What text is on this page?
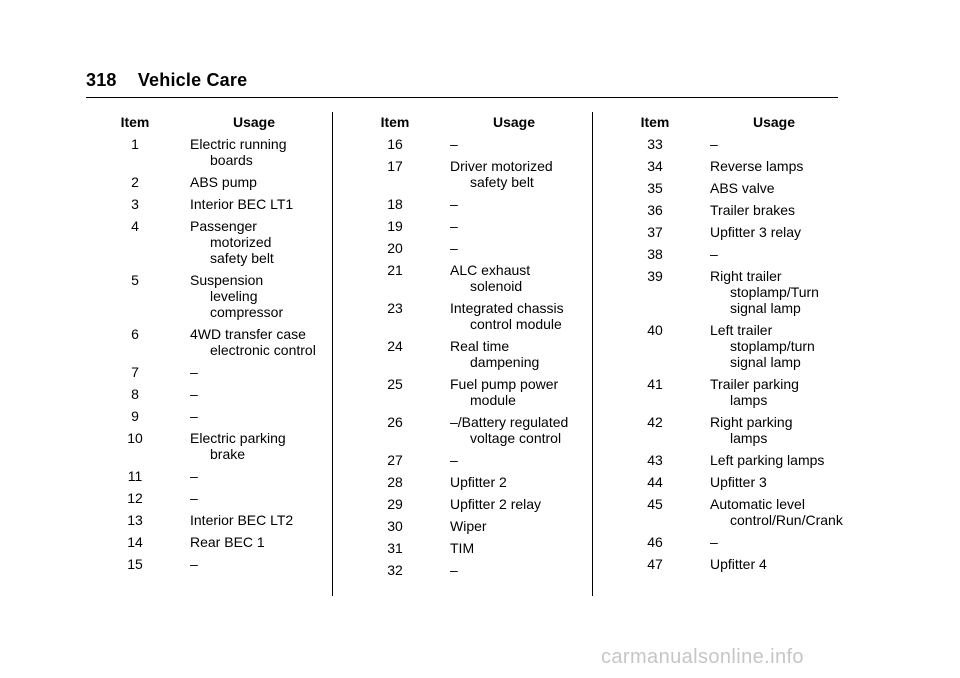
318 Vehicle Care
Item	Usage
1	Electric running
boards
2	ABS pump
3	Interior BEC LT1
4	Passenger
motorized
safety belt
5	Suspension
leveling
compressor
6	4WD transfer case
electronic control
7	–
8	–
9	–
10	Electric parking
brake
11	–
12	–
13	Interior BEC LT2
14	Rear BEC 1
15	–
Item	Usage
16	–
17	Driver motorized
safety belt
18	–
19	–
20	–
21	ALC exhaust
solenoid
23	Integrated chassis
control module
24	Real time
dampening
25	Fuel pump power
module
26	–/Battery regulated
voltage control
27	–
28	Upfitter 2
29	Upfitter 2 relay
30	Wiper
31	TIM
32	–
Item	Usage
33	–
34	Reverse lamps
35	ABS valve
36	Trailer brakes
37	Upfitter 3 relay
38	–
39	Right trailer
stoplamp/Turn
signal lamp
40	Left trailer
stoplamp/turn
signal lamp
41	Trailer parking
lamps
42	Right parking
lamps
43	Left parking lamps
44	Upfitter 3
45	Automatic level
control/Run/Crank
46	–
47	Upfitter 4
carmanualsonline.info
